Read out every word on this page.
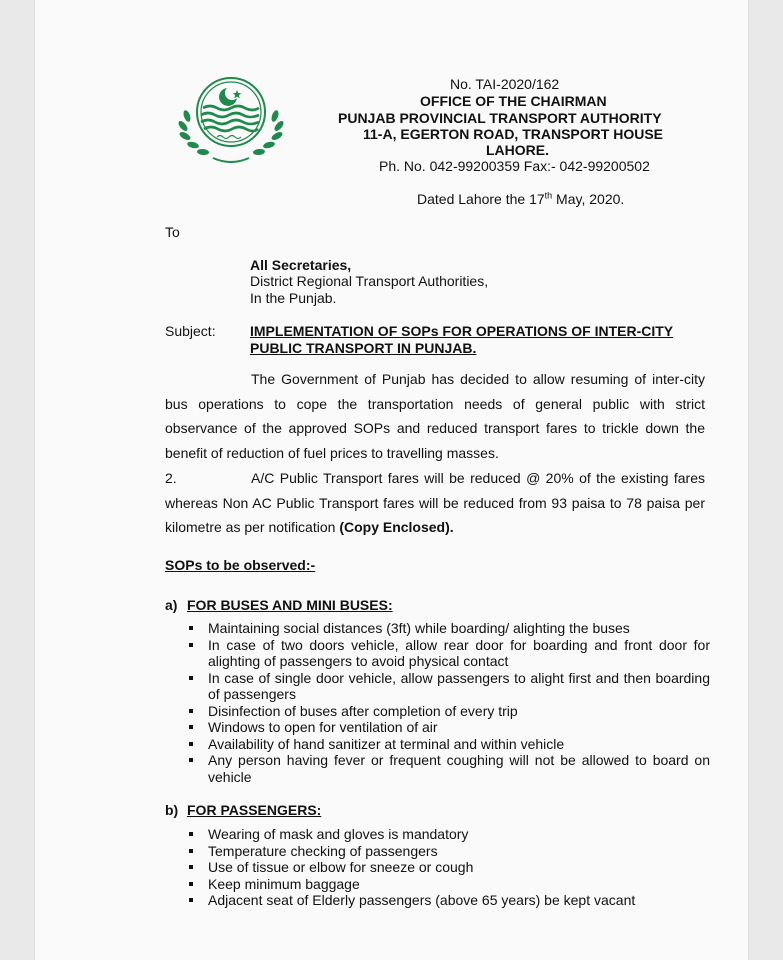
No. TAI-2020/162
OFFICE OF THE CHAIRMAN
PUNJAB PROVINCIAL TRANSPORT AUTHORITY
11-A, EGERTON ROAD, TRANSPORT HOUSE
LAHORE.
Ph. No. 042-99200359 Fax:- 042-99200502
Dated Lahore the 17th May, 2020.
To
All Secretaries,
District Regional Transport Authorities,
In the Punjab.
Subject: IMPLEMENTATION OF SOPs FOR OPERATIONS OF INTER-CITY
PUBLIC TRANSPORT IN PUNJAB.
The Government of Punjab has decided to allow resuming of inter-city bus operations to cope the transportation needs of general public with strict observance of the approved SOPs and reduced transport fares to trickle down the benefit of reduction of fuel prices to travelling masses.
2.	A/C Public Transport fares will be reduced @ 20% of the existing fares whereas Non AC Public Transport fares will be reduced from 93 paisa to 78 paisa per kilometre as per notification (Copy Enclosed).
SOPs to be observed:-
a) FOR BUSES AND MINI BUSES:
Maintaining social distances (3ft) while boarding/ alighting the buses
In case of two doors vehicle, allow rear door for boarding and front door for alighting of passengers to avoid physical contact
In case of single door vehicle, allow passengers to alight first and then boarding of passengers
Disinfection of buses after completion of every trip
Windows to open for ventilation of air
Availability of hand sanitizer at terminal and within vehicle
Any person having fever or frequent coughing will not be allowed to board on vehicle
b) FOR PASSENGERS:
Wearing of mask and gloves is mandatory
Temperature checking of passengers
Use of tissue or elbow for sneeze or cough
Keep minimum baggage
Adjacent seat of Elderly passengers (above 65 years) be kept vacant
